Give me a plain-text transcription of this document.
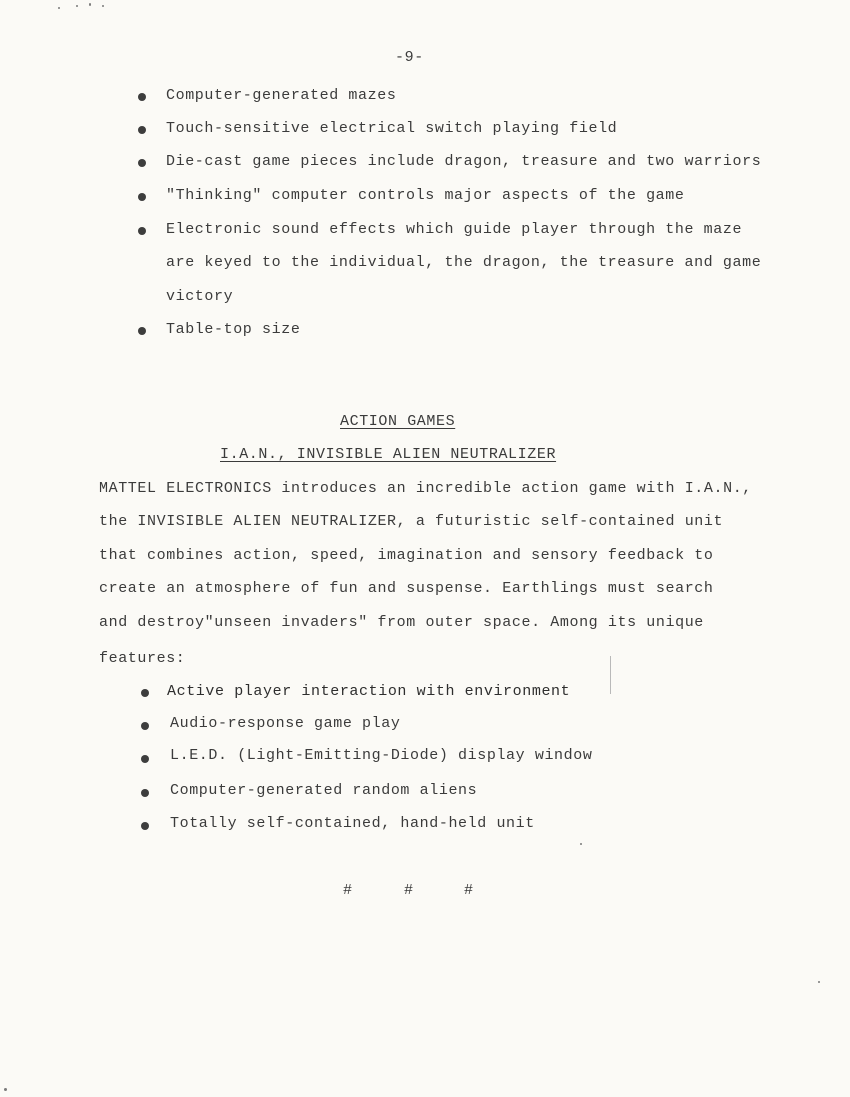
-9-
Computer-generated mazes
Touch-sensitive electrical switch playing field
Die-cast game pieces include dragon, treasure and two warriors
"Thinking" computer controls major aspects of the game
Electronic sound effects which guide player through the maze
are keyed to the individual, the dragon, the treasure and game
victory
Table-top size
ACTION GAMES
I.A.N., INVISIBLE ALIEN NEUTRALIZER
MATTEL ELECTRONICS introduces an incredible action game with I.A.N.,
the INVISIBLE ALIEN NEUTRALIZER, a futuristic self-contained unit
that combines action, speed, imagination and sensory feedback to
create an atmosphere of fun and suspense. Earthlings must search
and destroy"unseen invaders" from outer space. Among its unique
features:
Active player interaction with environment
Audio-response game play
L.E.D. (Light-Emitting-Diode) display window
Computer-generated random aliens
Totally self-contained, hand-held unit
#	#	#
